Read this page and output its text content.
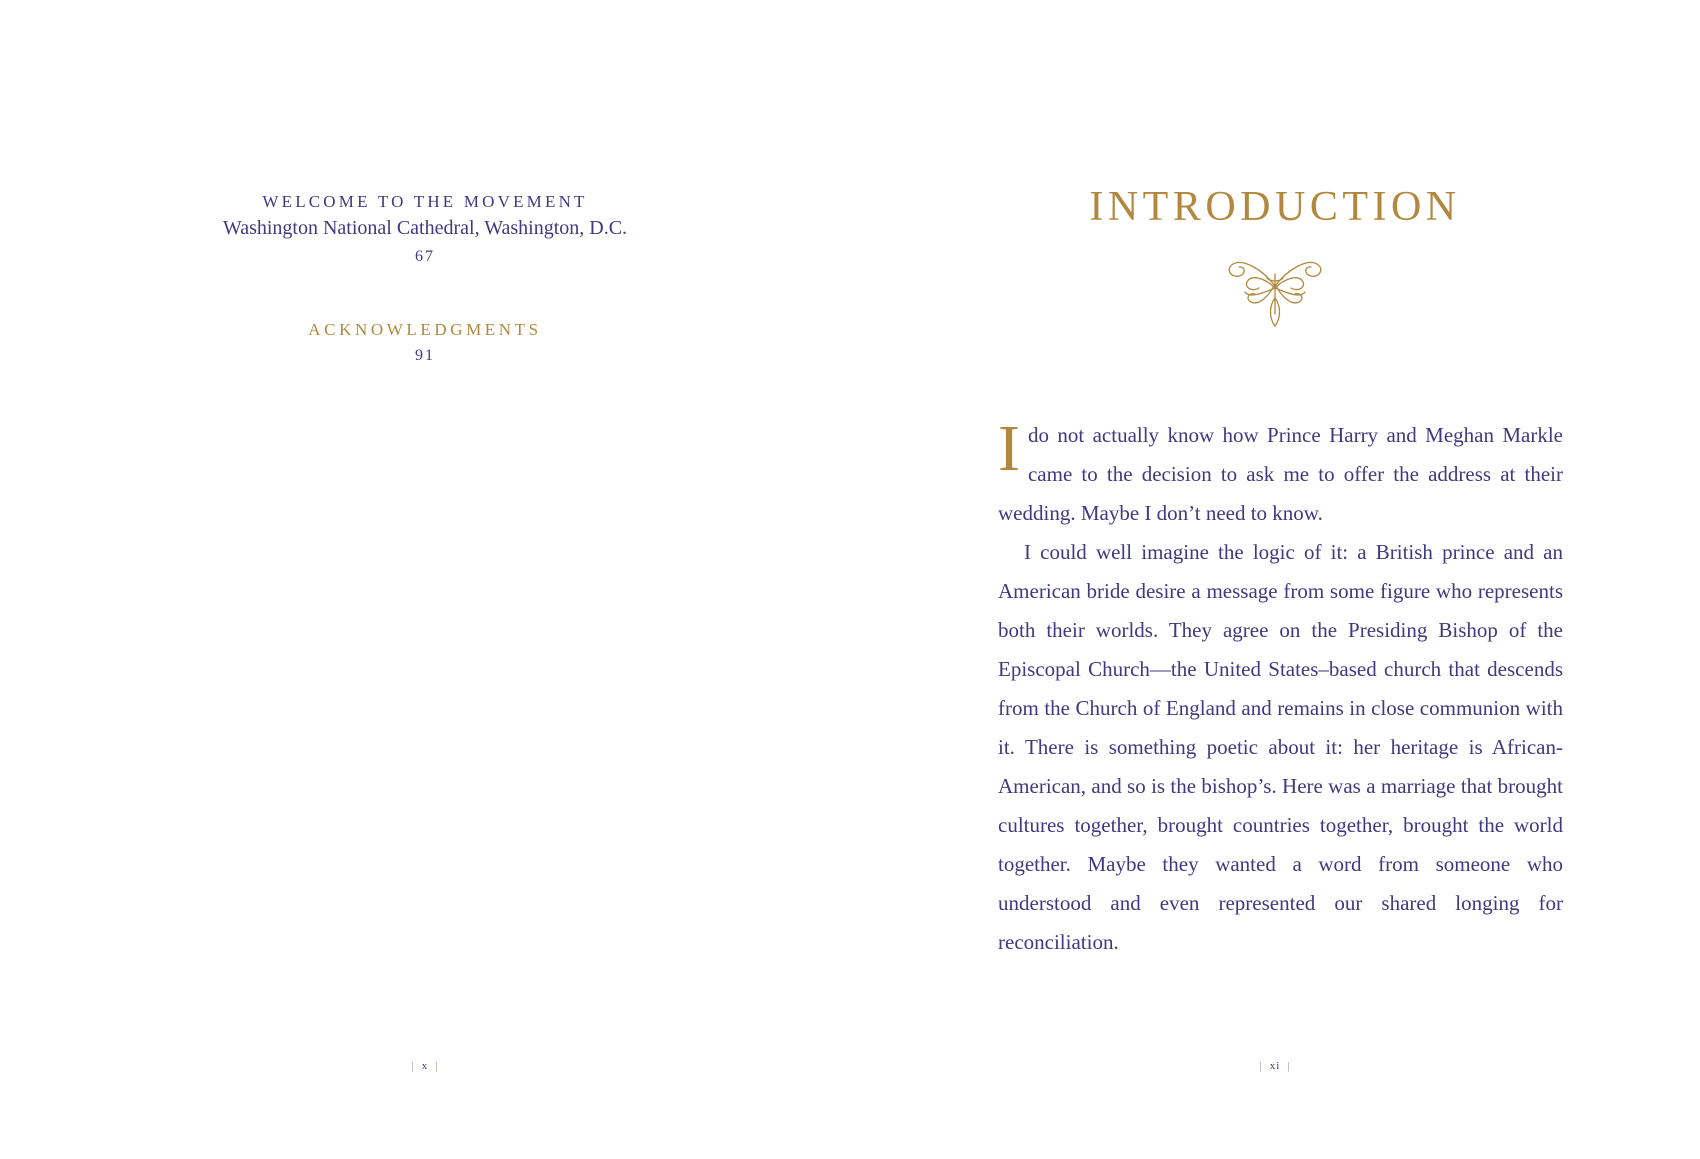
WELCOME TO THE MOVEMENT
Washington National Cathedral, Washington, D.C.
67
ACKNOWLEDGMENTS
91
| x |
INTRODUCTION

I do not actually know how Prince Harry and Meghan Markle came to the decision to ask me to offer the address at their wedding. Maybe I don’t need to know.

I could well imagine the logic of it: a British prince and an American bride desire a message from some figure who represents both their worlds. They agree on the Presiding Bishop of the Episcopal Church—the United States–based church that descends from the Church of England and remains in close communion with it. There is something poetic about it: her heritage is African-American, and so is the bishop’s. Here was a marriage that brought cultures together, brought countries together, brought the world together. Maybe they wanted a word from someone who understood and even represented our shared longing for reconciliation.

| xi |
